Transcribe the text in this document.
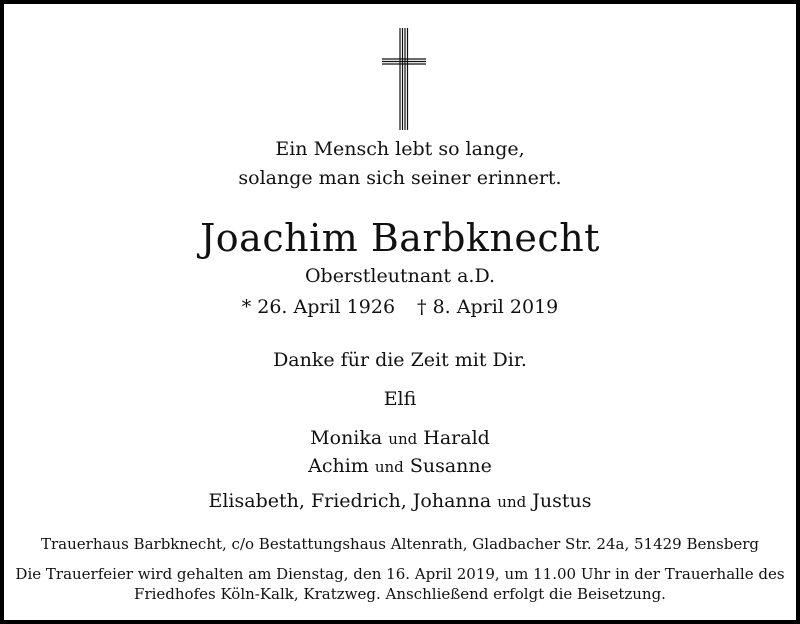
Ein Mensch lebt so lange,
solange man sich seiner erinnert.
Joachim Barbknecht
Oberstleutnant a.D.
* 26. April 1926 † 8. April 2019
Danke für die Zeit mit Dir.
Elfi
Monika und Harald
Achim und Susanne
Elisabeth, Friedrich, Johanna und Justus
Trauerhaus Barbknecht, c/o Bestattungshaus Altenrath, Gladbacher Str. 24a, 51429 Bensberg
Die Trauerfeier wird gehalten am Dienstag, den 16. April 2019, um 11.00 Uhr in der Trauerhalle des
Friedhofes Köln-Kalk, Kratzweg. Anschließend erfolgt die Beisetzung.
